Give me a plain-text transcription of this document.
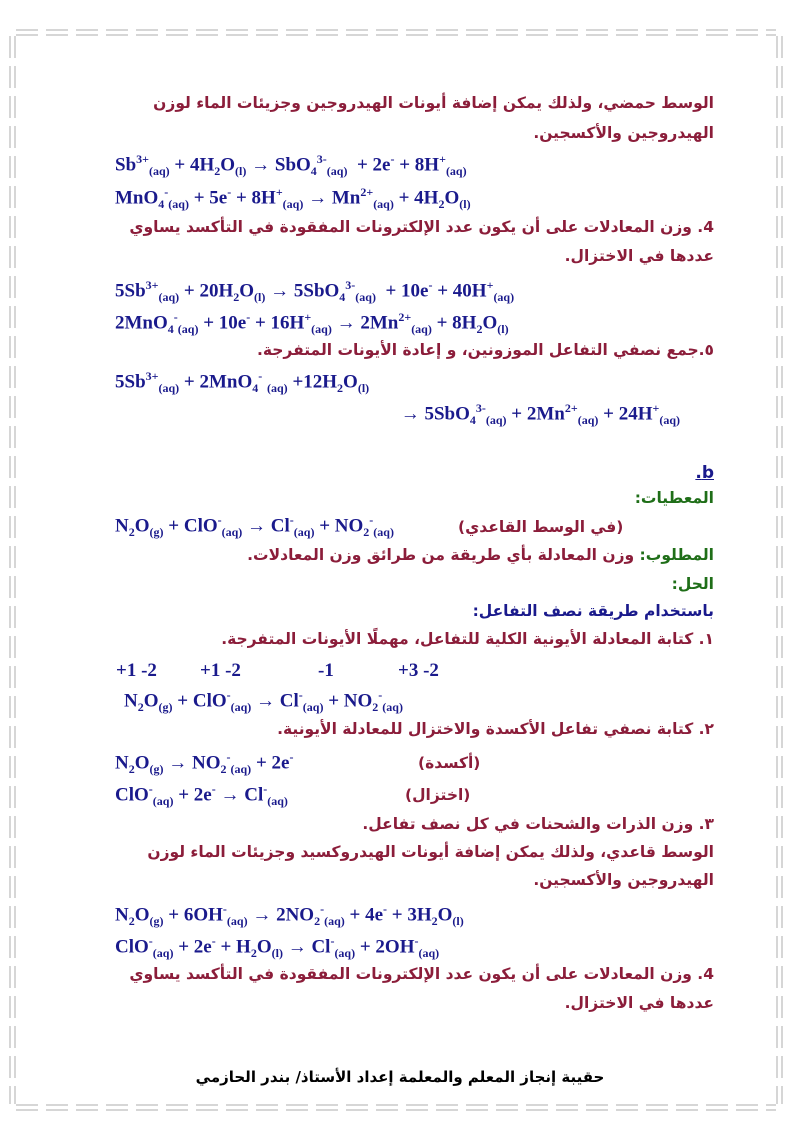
الوسط حمضي، ولذلك يمكن إضافة أيونات الهيدروجين وجزيئات الماء لوزن
الهيدروجين والأكسجين.
$Sb^{3+}_{(aq)} + 4H_2O_{(l)} \to SbO_4^{3-}_{(aq)} + 2e^- + 8H^+_{(aq)}$
$MnO_4^-_{(aq)} + 5e^- + 8H^+_{(aq)} \to Mn^{2+}_{(aq)} + 4H_2O_{(l)}$
4. وزن المعادلات على أن يكون عدد الإلكترونات المفقودة في التأكسد يساوي
عددها في الاختزال.
$5Sb^{3+}_{(aq)} + 20H_2O_{(l)} \to 5SbO_4^{3-}_{(aq)} + 10e^- + 40H^+_{(aq)}$
$2MnO_4^-_{(aq)} + 10e^- + 16H^+_{(aq)} \to 2Mn^{2+}_{(aq)} + 8H_2O_{(l)}$
٥.جمع نصفي التفاعل الموزونين، و إعادة الأيونات المتفرجة.
$5Sb^{3+}_{(aq)} + 2MnO_4^-$ $_{(aq)} +12H_2O_{(l)}$
→ $5SbO_4^{3-}_{(aq)} + 2Mn^{2+}_{(aq)} + 24H^+_{(aq)}$
b.
المعطيات:
$N_2O_{(g)} + ClO^-_{(aq)} \to Cl^-_{(aq)} + NO_2^-_{(aq)}$	(في الوسط القاعدي)
المطلوب: وزن المعادلة بأي طريقة من طرائق وزن المعادلات.
الحل:
باستخدام طريقة نصف التفاعل:
١. كتابة المعادلة الأيونية الكلية للتفاعل، مهملًا الأيونات المتفرجة.
+1 -2 +1 -2	-1	+3 -2
$N_2O_{(g)} + ClO^-_{(aq)} \to Cl^-_{(aq)} + NO_2^-_{(aq)}$
٢. كتابة نصفي تفاعل الأكسدة والاختزال للمعادلة الأيونية.
$N_2O_{(g)} \to NO_2^-_{(aq)} + 2e^-$	(أكسدة)
$ClO^-_{(aq)} + 2e^- \to Cl^-_{(aq)}$	(اختزال)
٣. وزن الذرات والشحنات في كل نصف تفاعل.
الوسط قاعدي، ولذلك يمكن إضافة أيونات الهيدروكسيد وجزيئات الماء لوزن
الهيدروجين والأكسجين.
$N_2O_{(g)} + 6OH^-_{(aq)} \to 2NO_2^-_{(aq)} + 4e^- + 3H_2O_{(l)}$
$ClO^-_{(aq)} + 2e^- + H_2O_{(l)} \to Cl^-_{(aq)} + 2OH^-_{(aq)}$
4. وزن المعادلات على أن يكون عدد الإلكترونات المفقودة في التأكسد يساوي
عددها في الاختزال.
حقيبة إنجاز المعلم والمعلمة إعداد الأستاذ/ بندر الحازمي
